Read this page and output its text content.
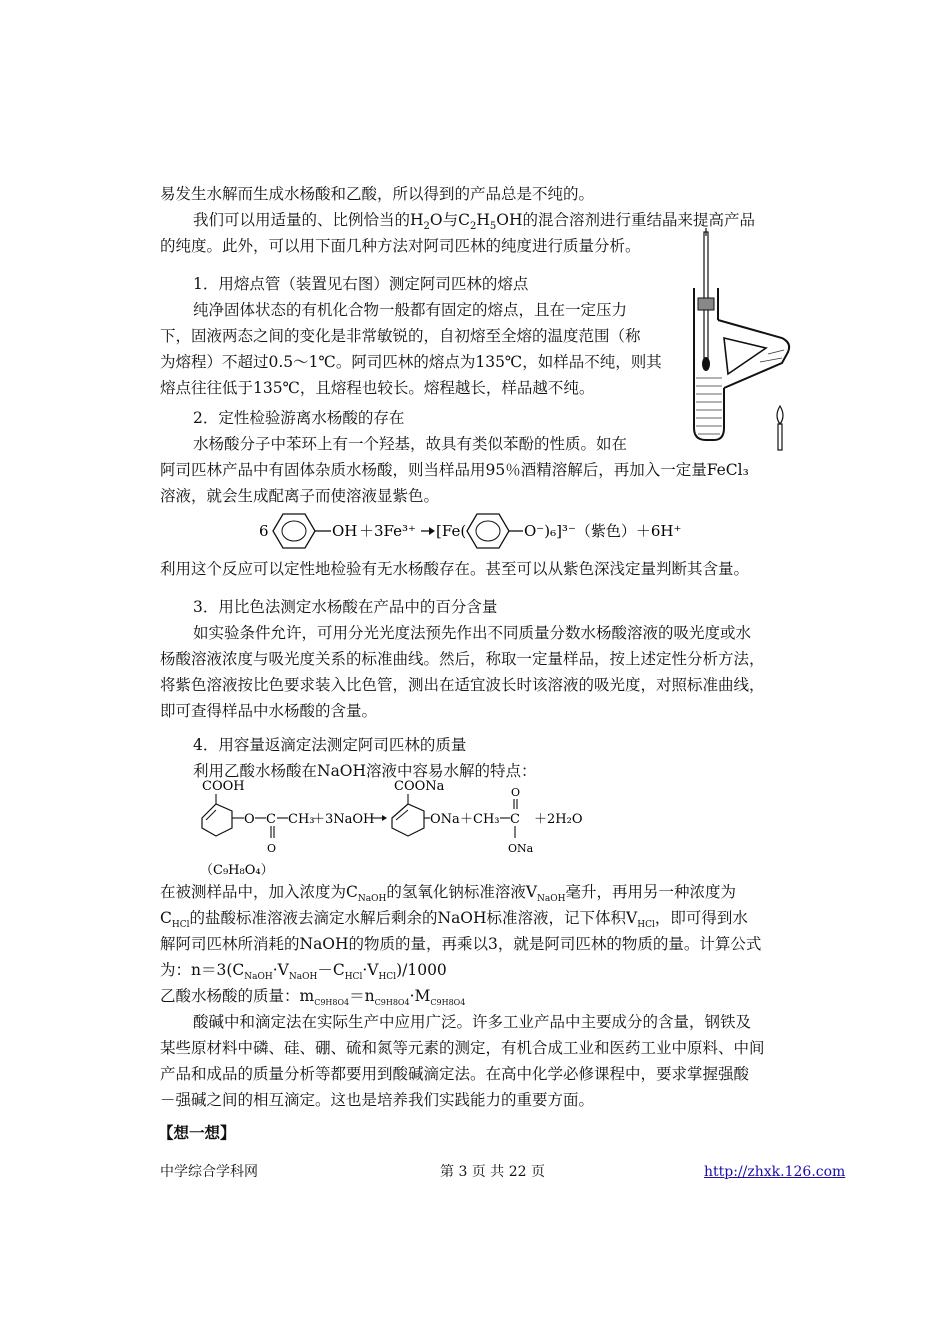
易发生水解而生成水杨酸和乙酸，所以得到的产品总是不纯的。
我们可以用适量的、比例恰当的$H_2O$与$C_2H_5OH$的混合溶剂进行重结晶来提高产品
的纯度。此外，可以用下面几种方法对阿司匹林的纯度进行质量分析。
1．用熔点管（装置见右图）测定阿司匹林的熔点
纯净固体状态的有机化合物一般都有固定的熔点，且在一定压力
下，固液两态之间的变化是非常敏锐的，自初熔至全熔的温度范围（称
为熔程）不超过0.5～1℃。阿司匹林的熔点为135℃，如样品不纯，则其
熔点往往低于135℃，且熔程也较长。熔程越长，样品越不纯。
2．定性检验游离水杨酸的存在
水杨酸分子中苯环上有一个羟基，故具有类似苯酚的性质。如在
阿司匹林产品中有固体杂质水杨酸，则当样品用95％酒精溶解后，再加入一定量FeCl₃
溶液，就会生成配离子而使溶液显紫色。
6	OH ＋3Fe³⁺ [Fe(	O⁻)₆]³⁻（紫色）＋6H⁺
利用这个反应可以定性地检验有无水杨酸存在。甚至可以从紫色深浅定量判断其含量。
3．用比色法测定水杨酸在产品中的百分含量
如实验条件允许，可用分光光度法预先作出不同质量分数水杨酸溶液的吸光度或水
杨酸溶液浓度与吸光度关系的标准曲线。然后，称取一定量样品，按上述定性分析方法，
将紫色溶液按比色要求装入比色管，测出在适宜波长时该溶液的吸光度，对照标准曲线，
即可查得样品中水杨酸的含量。
4．用容量返滴定法测定阿司匹林的质量
利用乙酸水杨酸在NaOH溶液中容易水解的特点：
COOH
O C
O
CH₃
＋3NaOH
COONa
ONa ＋CH₃ C
O
ONa
＋2H₂O
（C₉H₈O₄）
在被测样品中，加入浓度为$C_{NaOH}$的氢氧化钠标准溶液$V_{NaOH}$毫升，再用另一种浓度为
$C_{HCl}$的盐酸标准溶液去滴定水解后剩余的NaOH标准溶液，记下体积$V_{HCl}$，即可得到水
解阿司匹林所消耗的NaOH的物质的量，再乘以3，就是阿司匹林的物质的量。计算公式
为：$n=3(C_{NaOH}\cdot V_{NaOH}-C_{HCl}\cdot V_{HCl})/1000$
乙酸水杨酸的质量：$m_{C9H8O4}=n_{C9H8O4}\cdot M_{C9H8O4}$
酸碱中和滴定法在实际生产中应用广泛。许多工业产品中主要成分的含量，钢铁及
某些原材料中磷、硅、硼、硫和氮等元素的测定，有机合成工业和医药工业中原料、中间
产品和成品的质量分析等都要用到酸碱滴定法。在高中化学必修课程中，要求掌握强酸
－强碱之间的相互滴定。这也是培养我们实践能力的重要方面。
【想一想】
中学综合学科网	第 3 页 共 22 页	http://zhxk.126.com
